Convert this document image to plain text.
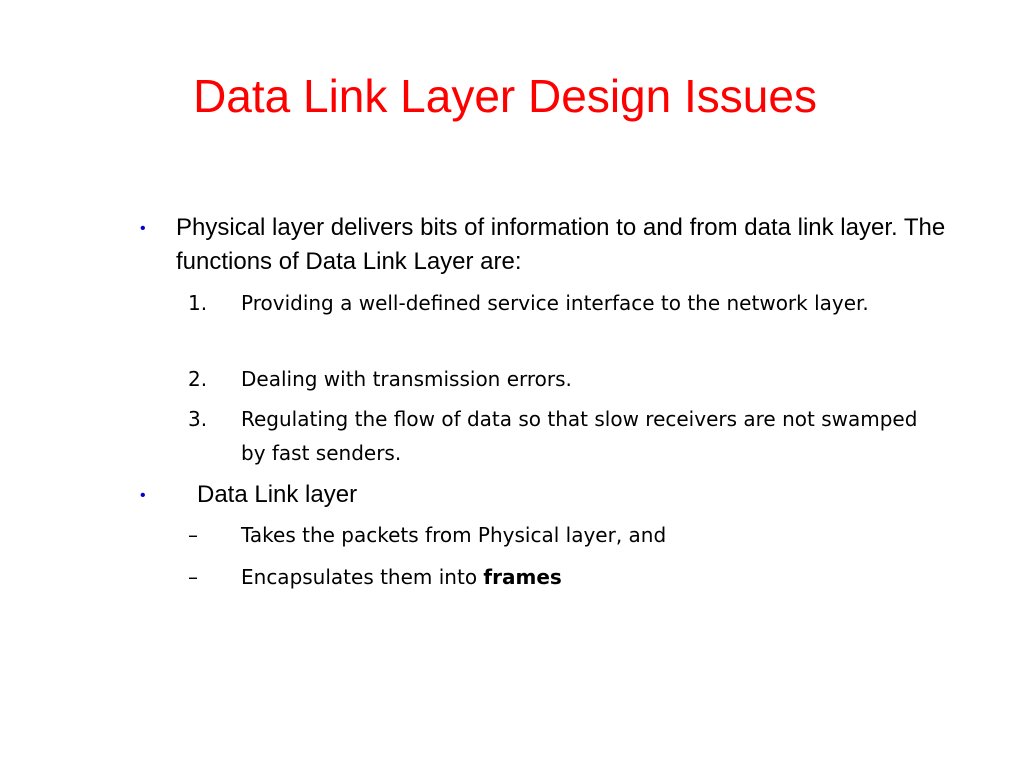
Data Link Layer Design Issues
• Physical layer delivers bits of information to and from data link layer. The functions of Data Link Layer are:
1. Providing a well-defined service interface to the network layer.
2. Dealing with transmission errors.
3. Regulating the flow of data so that slow receivers are not swamped by fast senders.
• Data Link layer
– Takes the packets from Physical layer, and
– Encapsulates them into frames
